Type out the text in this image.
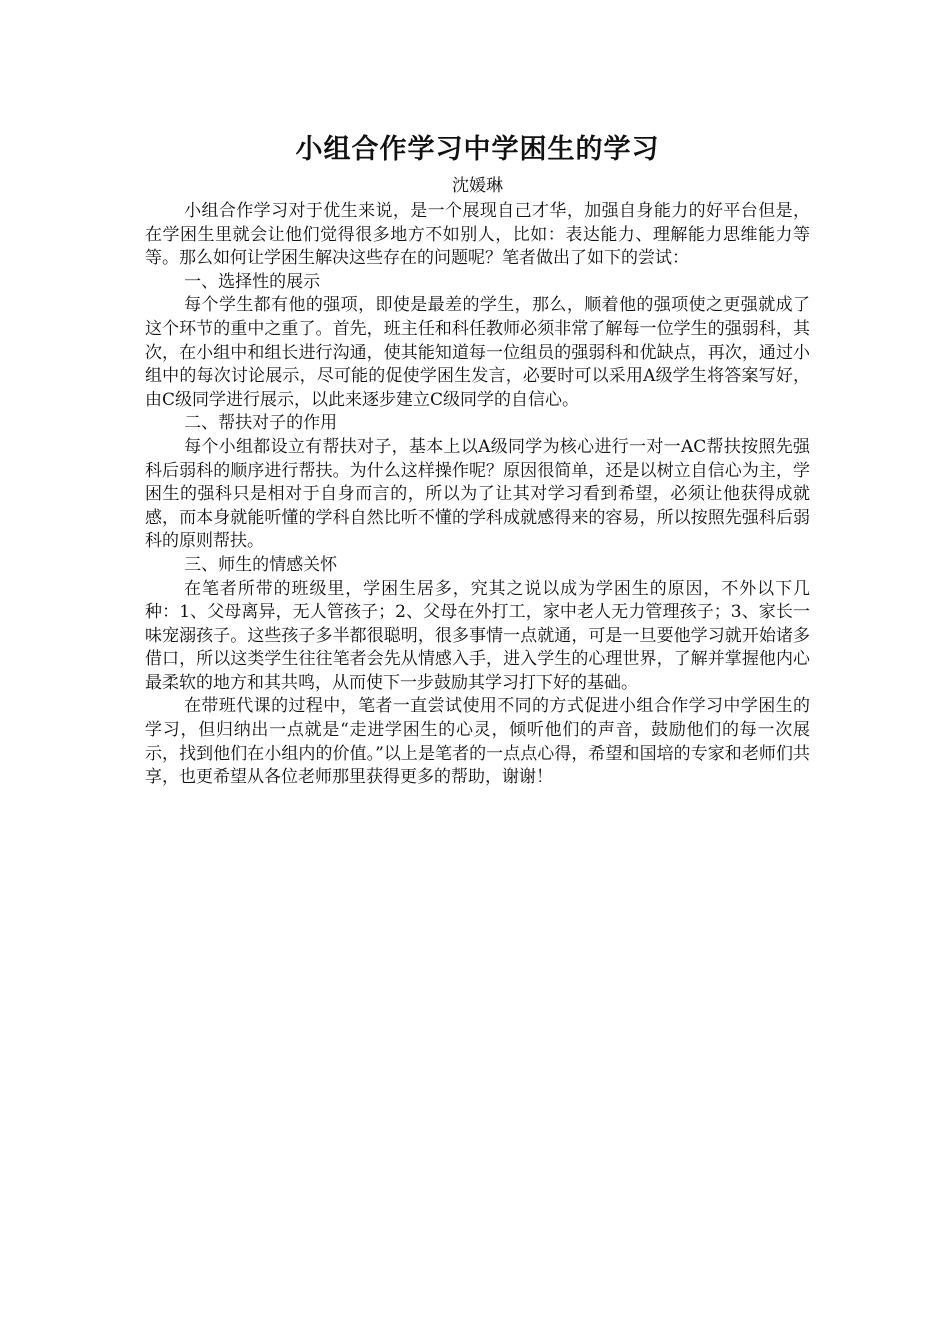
小组合作学习中学困生的学习

沈媛琳

小组合作学习对于优生来说，是一个展现自己才华，加强自身能力的好平台但是，在学困生里就会让他们觉得很多地方不如别人，比如：表达能力、理解能力思维能力等等。那么如何让学困生解决这些存在的问题呢？笔者做出了如下的尝试：

一、选择性的展示

每个学生都有他的强项，即使是最差的学生，那么，顺着他的强项使之更强就成了这个环节的重中之重了。首先，班主任和科任教师必须非常了解每一位学生的强弱科，其次，在小组中和组长进行沟通，使其能知道每一位组员的强弱科和优缺点，再次，通过小组中的每次讨论展示，尽可能的促使学困生发言，必要时可以采用A级学生将答案写好，由C级同学进行展示，以此来逐步建立C级同学的自信心。

二、帮扶对子的作用

每个小组都设立有帮扶对子，基本上以A级同学为核心进行一对一AC帮扶按照先强科后弱科的顺序进行帮扶。为什么这样操作呢？原因很简单，还是以树立自信心为主，学困生的强科只是相对于自身而言的，所以为了让其对学习看到希望，必须让他获得成就感，而本身就能听懂的学科自然比听不懂的学科成就感得来的容易，所以按照先强科后弱科的原则帮扶。

三、师生的情感关怀

在笔者所带的班级里，学困生居多，究其之说以成为学困生的原因，不外以下几种：1、父母离异，无人管孩子；2、父母在外打工，家中老人无力管理孩子；3、家长一味宠溺孩子。这些孩子多半都很聪明，很多事情一点就通，可是一旦要他学习就开始诸多借口，所以这类学生往往笔者会先从情感入手，进入学生的心理世界，了解并掌握他内心最柔软的地方和其共鸣，从而使下一步鼓励其学习打下好的基础。

在带班代课的过程中，笔者一直尝试使用不同的方式促进小组合作学习中学困生的学习，但归纳出一点就是“走进学困生的心灵，倾听他们的声音，鼓励他们的每一次展示，找到他们在小组内的价值。”以上是笔者的一点点心得，希望和国培的专家和老师们共享，也更希望从各位老师那里获得更多的帮助，谢谢！
